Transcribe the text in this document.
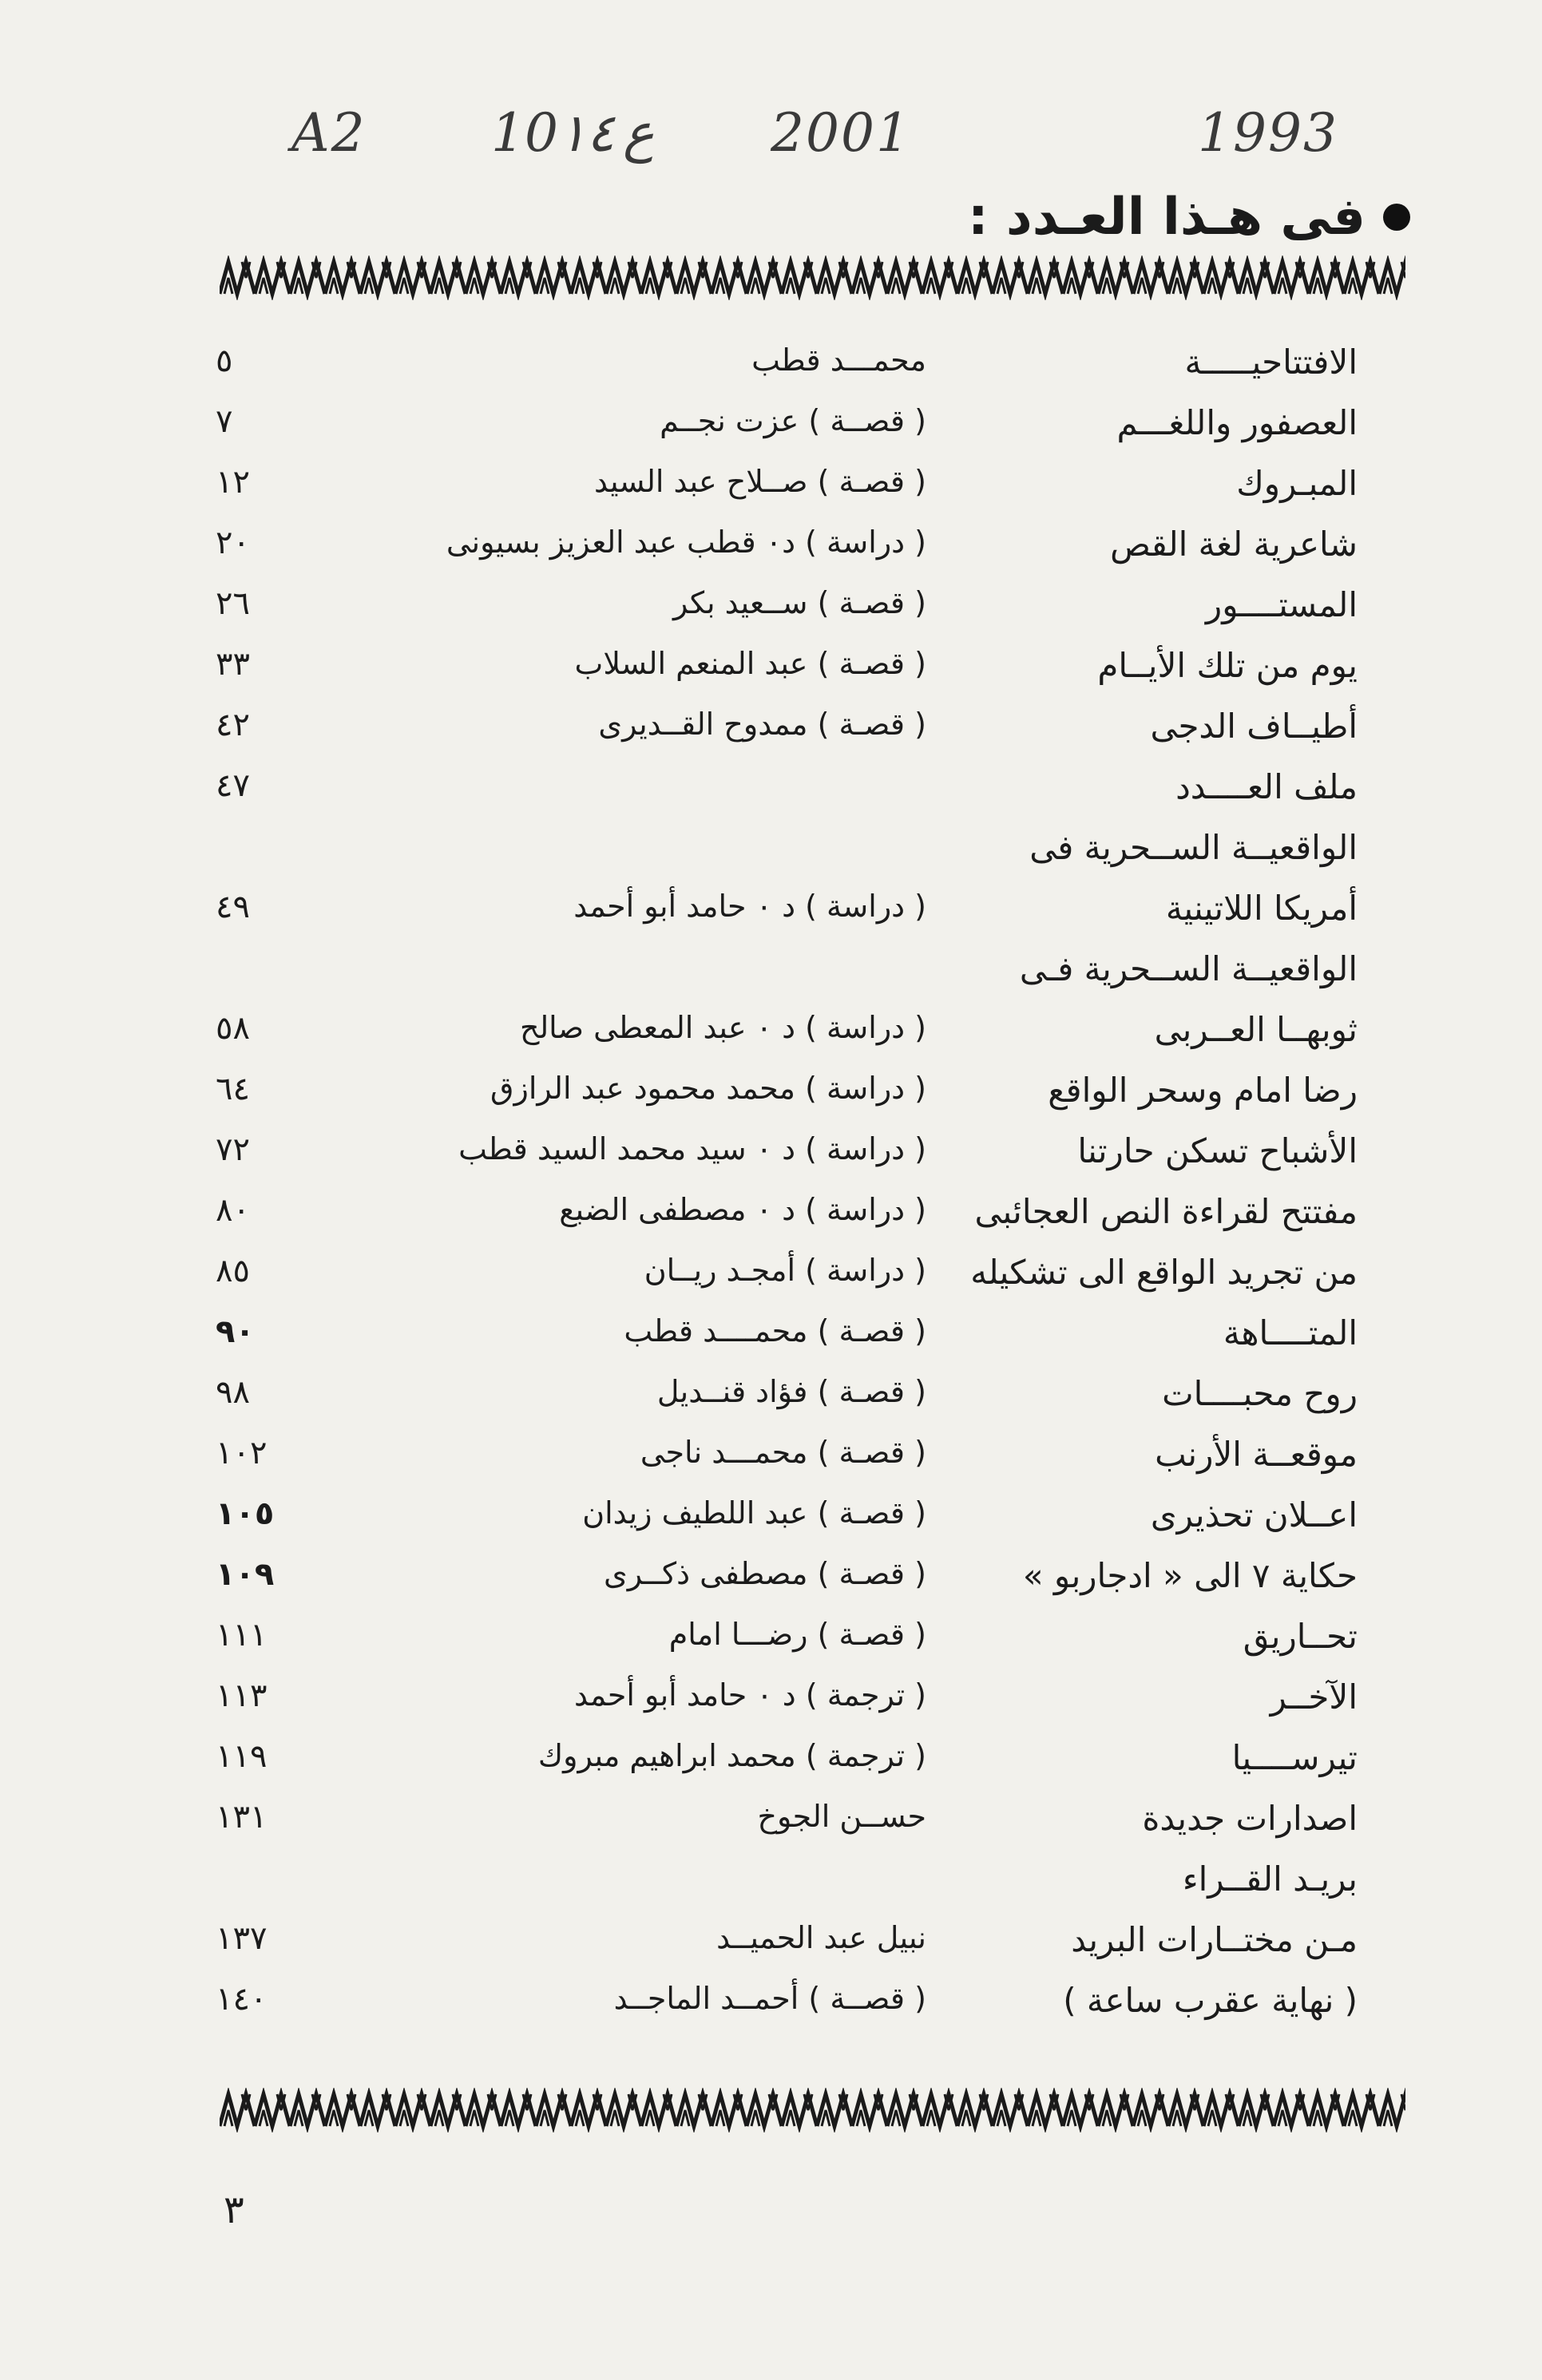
A2 10١٤ ع 2001	1993
فى هـذا العـدد :
الافتتاحيـــــة
محمـــد قطب
٥
العصفور واللغـــم
( قصــة ) عزت نجــم
٧
المبـروك
( قصـة ) صــلاح عبد السيد
١٢
شاعرية لغة القص
( دراسة ) د٠ قطب عبد العزيز بسيونى
٢٠
المستــــور
( قصـة ) ســعيد بكر
٢٦
يوم من تلك الأيــام
( قصـة ) عبد المنعم السلاب
٣٣
أطيــاف الدجى
( قصـة ) ممدوح القــديرى
٤٢
ملف العــــدد
٤٧
الواقعيــة الســحرية فى
أمريكا اللاتينية
( دراسة ) د ٠ حامد أبو أحمد
٤٩
الواقعيــة الســحرية فـى
ثوبهــا العــربى
( دراسة ) د ٠ عبد المعطى صالح
٥٨
رضا امام وسحر الواقع
( دراسة ) محمد محمود عبد الرازق
٦٤
الأشباح تسكن حارتنا
( دراسة ) د ٠ سيد محمد السيد قطب
٧٢
مفتتح لقراءة النص العجائبى
( دراسة ) د ٠ مصطفى الضبع
٨٠
من تجريد الواقع الى تشكيله
( دراسة ) أمجـد ريــان
٨٥
المتــــاهة
( قصـة ) محمــــد قطب
٩٠
روح محبــــات
( قصـة ) فؤاد قنــديل
٩٨
موقعــة الأرنب
( قصـة ) محمـــد ناجى
١٠٢
اعــلان تحذيرى
( قصـة ) عبد اللطيف زيدان
١٠٥
حكاية ٧ الى « ادجاربو »
( قصـة ) مصطفى ذكــرى
١٠٩
تحــاريق
( قصـة ) رضـــا امام
١١١
الآخــر
( ترجمة ) د ٠ حامد أبو أحمد
١١٣
تيرســــيا
( ترجمة ) محمد ابراهيم مبروك
١١٩
اصدارات جديدة
حســن الجوخ
١٣١
بريـد القــراء
مـن مختــارات البريد
نبيل عبد الحميــد
١٣٧
( نهاية عقرب ساعة )
( قصــة ) أحمــد الماجــد
١٤٠
٣
